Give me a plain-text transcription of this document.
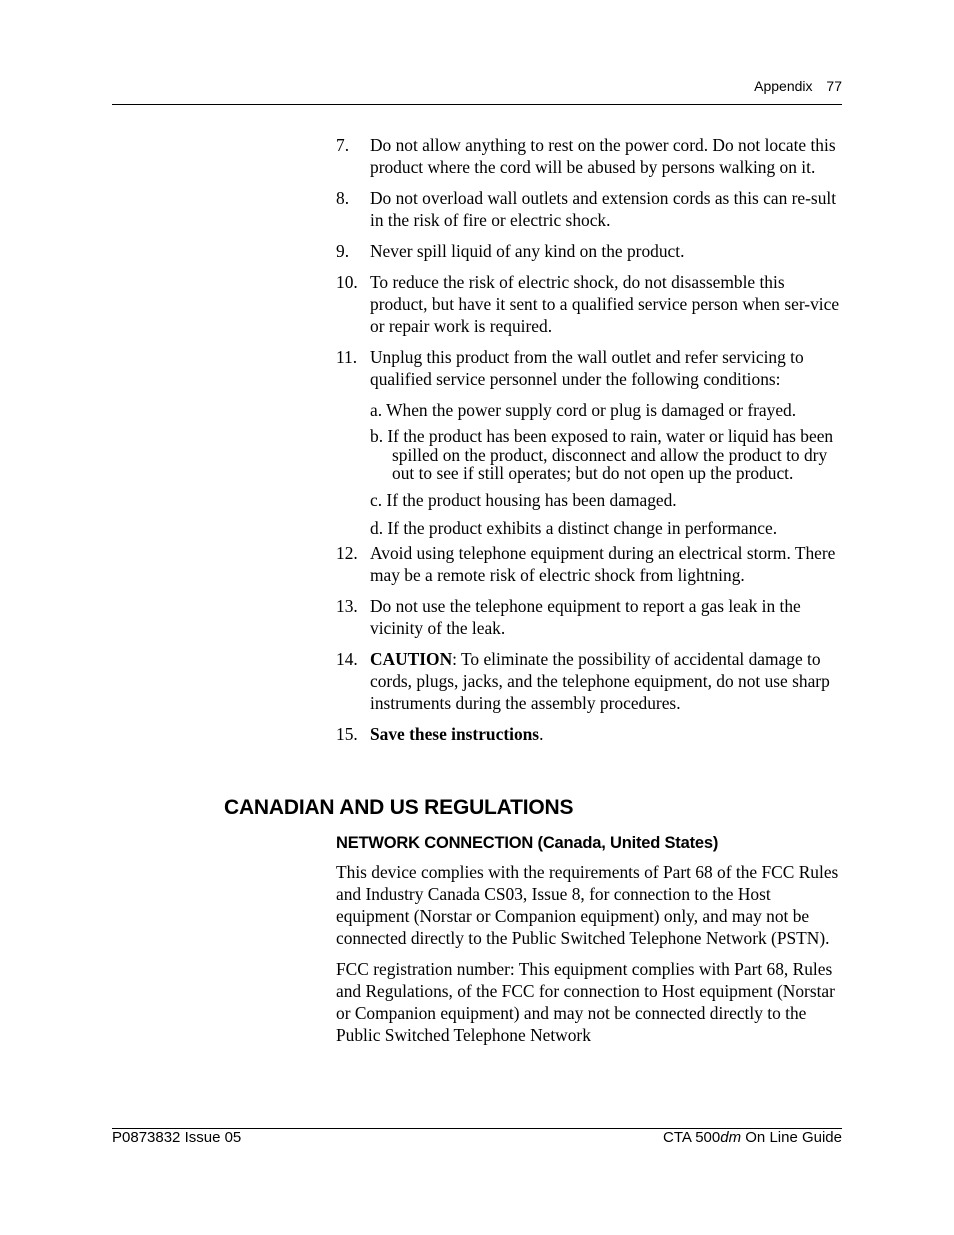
Appendix 77
7. Do not allow anything to rest on the power cord. Do not locate this product where the cord will be abused by persons walking on it.
8. Do not overload wall outlets and extension cords as this can re-sult in the risk of fire or electric shock.
9. Never spill liquid of any kind on the product.
10. To reduce the risk of electric shock, do not disassemble this product, but have it sent to a qualified service person when ser-vice or repair work is required.
11. Unplug this product from the wall outlet and refer servicing to qualified service personnel under the following conditions:
a. When the power supply cord or plug is damaged or frayed.
b. If the product has been exposed to rain, water or liquid has been spilled on the product, disconnect and allow the product to dry out to see if still operates; but do not open up the product.
c. If the product housing has been damaged.
d. If the product exhibits a distinct change in performance.
12. Avoid using telephone equipment during an electrical storm. There may be a remote risk of electric shock from lightning.
13. Do not use the telephone equipment to report a gas leak in the vicinity of the leak.
14. CAUTION: To eliminate the possibility of accidental damage to cords, plugs, jacks, and the telephone equipment, do not use sharp instruments during the assembly procedures.
15. Save these instructions.
CANADIAN AND US REGULATIONS
NETWORK CONNECTION (Canada, United States)

This device complies with the requirements of Part 68 of the FCC Rules and Industry Canada CS03, Issue 8, for connection to the Host equipment (Norstar or Companion equipment) only, and may not be connected directly to the Public Switched Telephone Network (PSTN).

FCC registration number: This equipment complies with Part 68, Rules and Regulations, of the FCC for connection to Host equipment (Norstar or Companion equipment) and may not be connected directly to the Public Switched Telephone Network

P0873832 Issue 05	CTA 500dm On Line Guide
